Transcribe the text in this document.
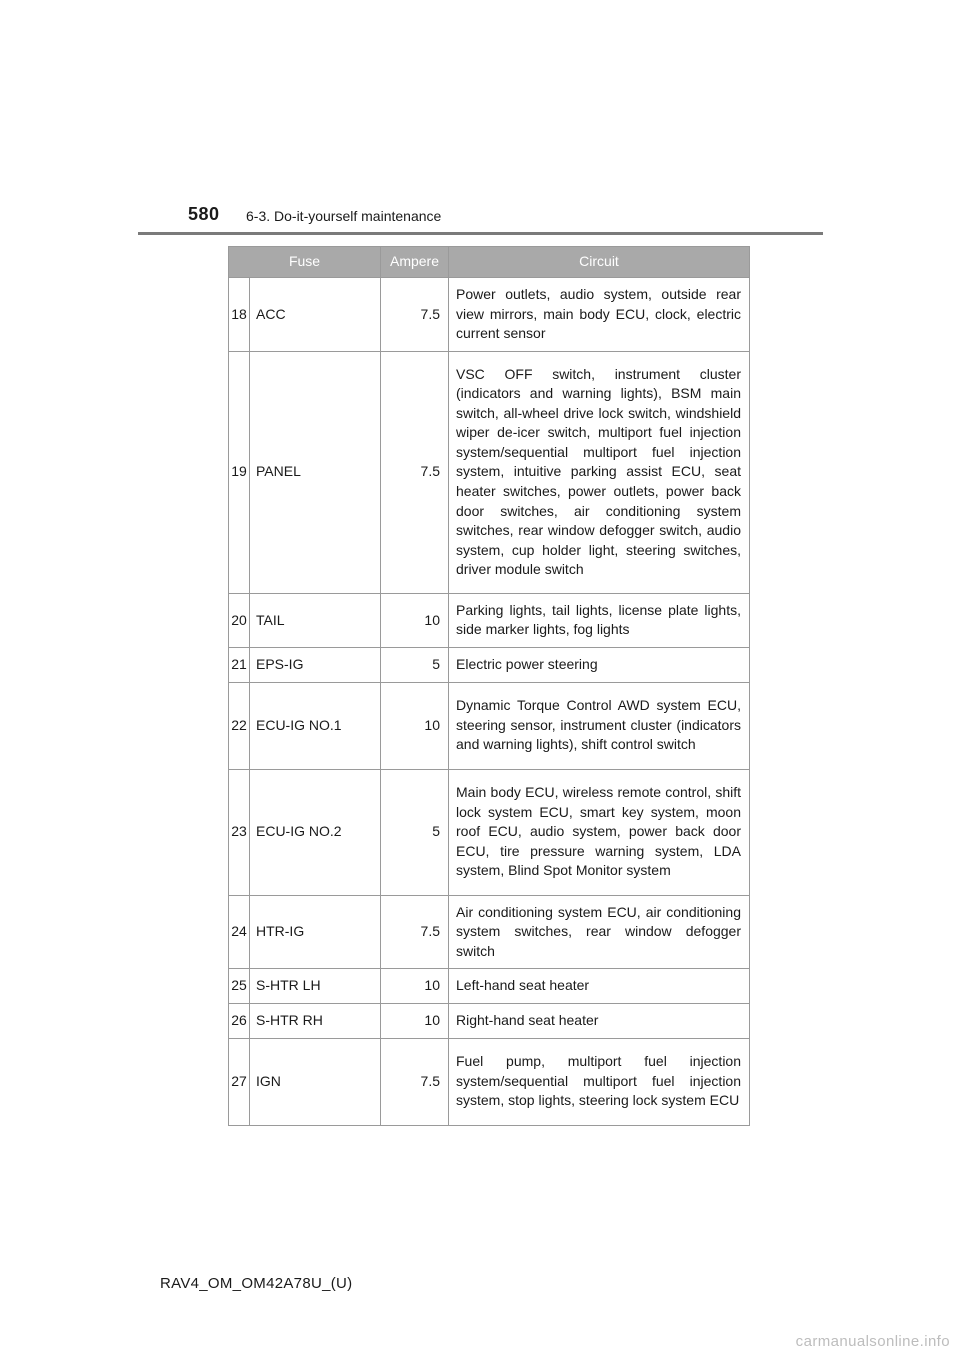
580 6-3. Do-it-yourself maintenance
Fuse		Ampere	Circuit
18	ACC	7.5	Power outlets, audio system, outside rear view mirrors, main body ECU, clock, electric current sensor
19	PANEL	7.5	VSC OFF switch, instrument cluster (indicators and warning lights), BSM main switch, all-wheel drive lock switch, windshield wiper de-icer switch, multiport fuel injection system/sequential multiport fuel injection system, intuitive parking assist ECU, seat heater switches, power outlets, power back door switches, air conditioning system switches, rear window defogger switch, audio system, cup holder light, steering switches, driver module switch
20	TAIL	10	Parking lights, tail lights, license plate lights, side marker lights, fog lights
21	EPS-IG	5	Electric power steering
22	ECU-IG NO.1	10	Dynamic Torque Control AWD system ECU, steering sensor, instrument cluster (indicators and warning lights), shift control switch
23	ECU-IG NO.2	5	Main body ECU, wireless remote control, shift lock system ECU, smart key system, moon roof ECU, audio system, power back door ECU, tire pressure warning system, LDA system, Blind Spot Monitor system
24	HTR-IG	7.5	Air conditioning system ECU, air conditioning system switches, rear window defogger switch
25	S-HTR LH	10	Left-hand seat heater
26	S-HTR RH	10	Right-hand seat heater
27	IGN	7.5	Fuel pump, multiport fuel injection system/sequential multiport fuel injection system, stop lights, steering lock system ECU
RAV4_OM_OM42A78U_(U)
carmanualsonline.info
